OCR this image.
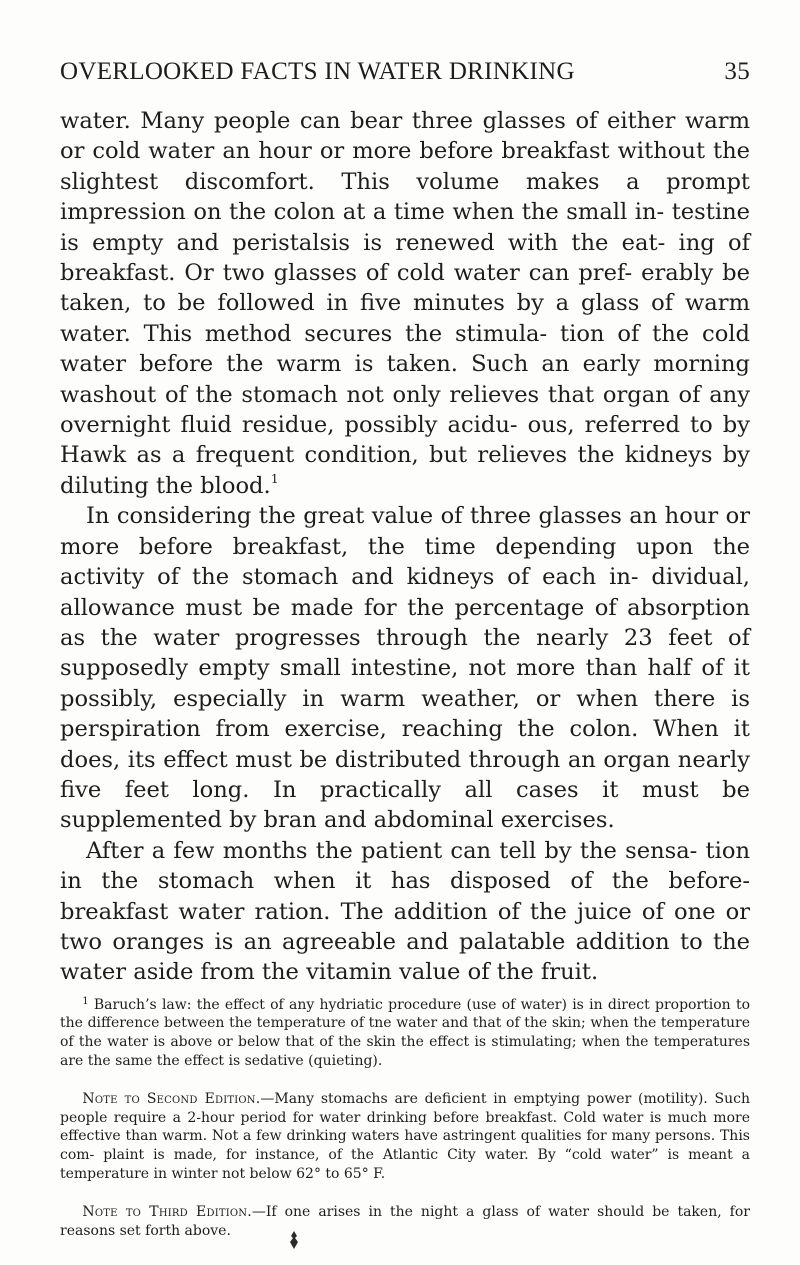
OVERLOOKED FACTS IN WATER DRINKING	35

water. Many people can bear three glasses of either warm or cold water an hour or more before breakfast without the slightest discomfort. This volume makes a prompt impression on the colon at a time when the small in- testine is empty and peristalsis is renewed with the eat- ing of breakfast. Or two glasses of cold water can pref- erably be taken, to be followed in five minutes by a glass of warm water. This method secures the stimula- tion of the cold water before the warm is taken. Such an early morning washout of the stomach not only relieves that organ of any overnight fluid residue, possibly acidu- ous, referred to by Hawk as a frequent condition, but relieves the kidneys by diluting the blood.$^1$

In considering the great value of three glasses an hour or more before breakfast, the time depending upon the activity of the stomach and kidneys of each in- dividual, allowance must be made for the percentage of absorption as the water progresses through the nearly 23 feet of supposedly empty small intestine, not more than half of it possibly, especially in warm weather, or when there is perspiration from exercise, reaching the colon. When it does, its effect must be distributed through an organ nearly five feet long. In practically all cases it must be supplemented by bran and abdominal exercises.

After a few months the patient can tell by the sensa- tion in the stomach when it has disposed of the before- breakfast water ration. The addition of the juice of one or two oranges is an agreeable and palatable addition to the water aside from the vitamin value of the fruit.

$^1$ Baruch’s law: the effect of any hydriatic procedure (use of water) is in direct proportion to the difference between the temperature of tne water and that of the skin; when the temperature of the water is above or below that of the skin the effect is stimulating; when the temperatures are the same the effect is sedative (quieting).
Note to Second Edition.—Many stomachs are deficient in emptying power (motility). Such people require a 2-hour period for water drinking before breakfast. Cold water is much more effective than warm. Not a few drinking waters have astringent qualities for many persons. This com- plaint is made, for instance, of the Atlantic City water. By “cold water” is meant a temperature in winter not below 62° to 65° F.
Note to Third Edition.—If one arises in the night a glass of water should be taken, for reasons set forth above.
